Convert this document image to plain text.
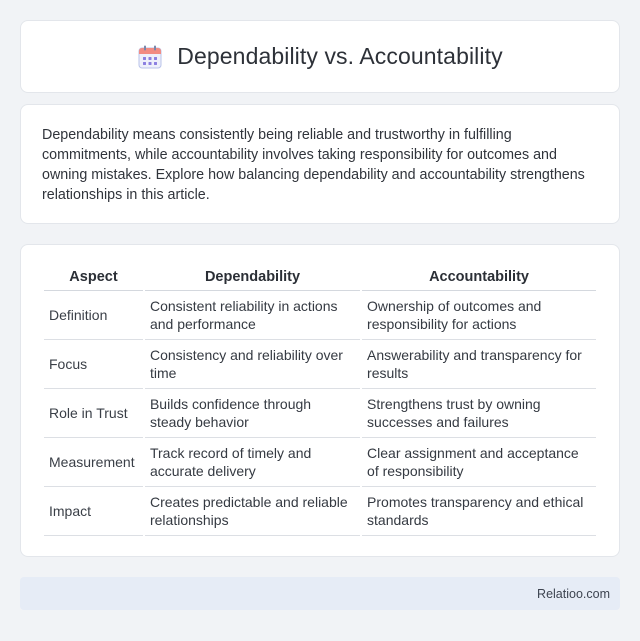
Dependability vs. Accountability

Dependability means consistently being reliable and trustworthy in fulfilling commitments, while accountability involves taking responsibility for outcomes and owning mistakes. Explore how balancing dependability and accountability strengthens relationships in this article.

Aspect	Dependability	Accountability
Definition	Consistent reliability in actions and performance	Ownership of outcomes and responsibility for actions
Focus	Consistency and reliability over time	Answerability and transparency for results
Role in Trust	Builds confidence through steady behavior	Strengthens trust by owning successes and failures
Measurement	Track record of timely and accurate delivery	Clear assignment and acceptance of responsibility
Impact	Creates predictable and reliable relationships	Promotes transparency and ethical standards
Relatioo.com
